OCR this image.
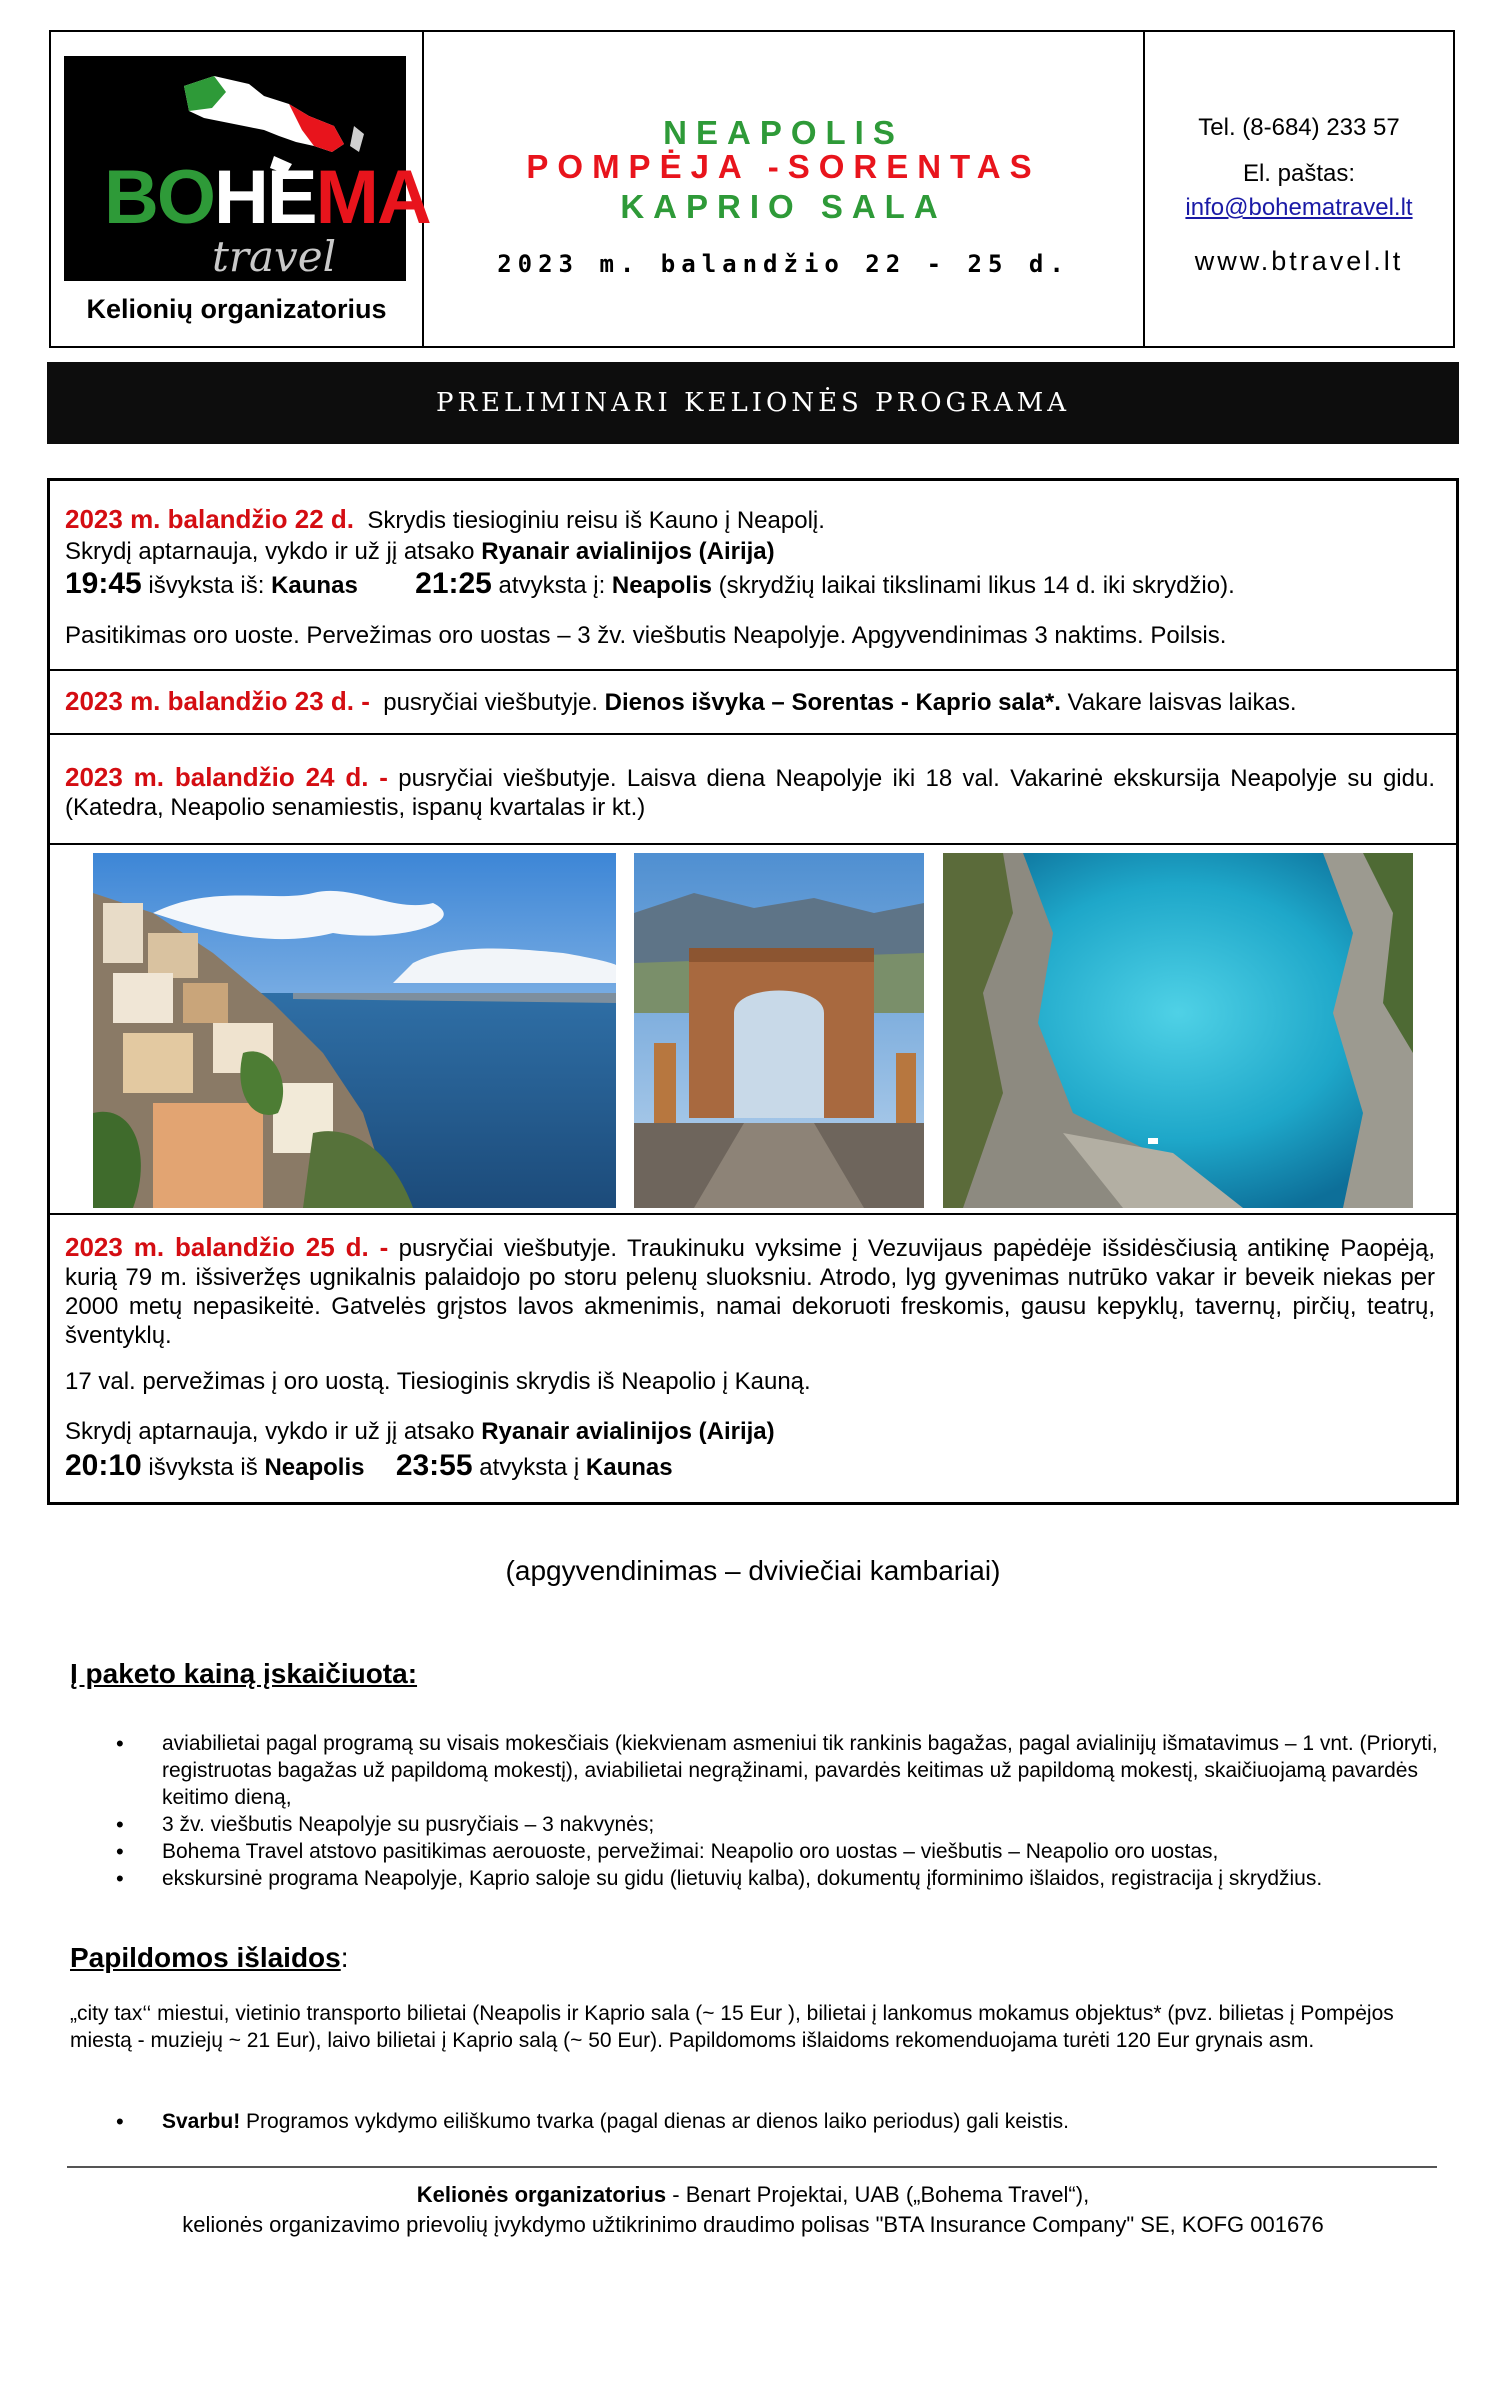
BOHEMA
travel
Kelionių organizatorius
NEAPOLIS
POMPĖJA -SORENTAS
KAPRIO SALA
2023 m. balandžio 22 - 25 d.
Tel. (8-684) 233 57
El. paštas:
info@bohematravel.lt
www.btravel.lt
PRELIMINARI KELIONĖS PROGRAMA
2023 m. balandžio 22 d. Skrydis tiesioginiu reisu iš Kauno į Neapolį.
Skrydį aptarnauja, vykdo ir už jį atsako Ryanair avialinijos (Airija)
19:45 išvyksta iš: Kaunas 21:25 atvyksta į: Neapolis (skrydžių laikai tikslinami likus 14 d. iki skrydžio).
Pasitikimas oro uoste. Pervežimas oro uostas – 3 žv. viešbutis Neapolyje. Apgyvendinimas 3 naktims. Poilsis.
2023 m. balandžio 23 d. - pusryčiai viešbutyje. Dienos išvyka – Sorentas - Kaprio sala*. Vakare laisvas laikas.
2023 m. balandžio 24 d. - pusryčiai viešbutyje. Laisva diena Neapolyje iki 18 val. Vakarinė ekskursija Neapolyje su gidu. (Katedra, Neapolio senamiestis, ispanų kvartalas ir kt.)
2023 m. balandžio 25 d. - pusryčiai viešbutyje. Traukinuku vyksime į Vezuvijaus papėdėje išsidėsčiusią antikinę Paopėją, kurią 79 m. išsiveržęs ugnikalnis palaidojo po storu pelenų sluoksniu. Atrodo, lyg gyvenimas nutrūko vakar ir beveik niekas per 2000 metų nepasikeitė. Gatvelės grįstos lavos akmenimis, namai dekoruoti freskomis, gausu kepyklų, tavernų, pirčių, teatrų, šventyklų.
17 val. pervežimas į oro uostą. Tiesioginis skrydis iš Neapolio į Kauną.
Skrydį aptarnauja, vykdo ir už jį atsako Ryanair avialinijos (Airija)
20:10 išvyksta iš Neapolis 23:55 atvyksta į Kaunas
(apgyvendinimas – dviviečiai kambariai)
Į paketo kainą įskaičiuota:
• aviabilietai pagal programą su visais mokesčiais (kiekvienam asmeniui tik rankinis bagažas, pagal avialinijų išmatavimus – 1 vnt. (Prioryti, registruotas bagažas už papildomą mokestį), aviabilietai negrąžinami, pavardės keitimas už papildomą mokestį, skaičiuojamą pavardės keitimo dieną,
• 3 žv. viešbutis Neapolyje su pusryčiais – 3 nakvynės;
• Bohema Travel atstovo pasitikimas aerouoste, pervežimai: Neapolio oro uostas – viešbutis – Neapolio oro uostas,
• ekskursinė programa Neapolyje, Kaprio saloje su gidu (lietuvių kalba), dokumentų įforminimo išlaidos, registracija į skrydžius.
Papildomos išlaidos:
„city tax‘‘ miestui, vietinio transporto bilietai (Neapolis ir Kaprio sala (~ 15 Eur ), bilietai į lankomus mokamus objektus* (pvz. bilietas į Pompėjos miestą - muziejų ~ 21 Eur), laivo bilietai į Kaprio salą (~ 50 Eur). Papildomoms išlaidoms rekomenduojama turėti 120 Eur grynais asm.
• Svarbu! Programos vykdymo eiliškumo tvarka (pagal dienas ar dienos laiko periodus) gali keistis.
Kelionės organizatorius - Benart Projektai, UAB („Bohema Travel“),
kelionės organizavimo prievolių įvykdymo užtikrinimo draudimo polisas "BTA Insurance Company" SE, KOFG 001676
